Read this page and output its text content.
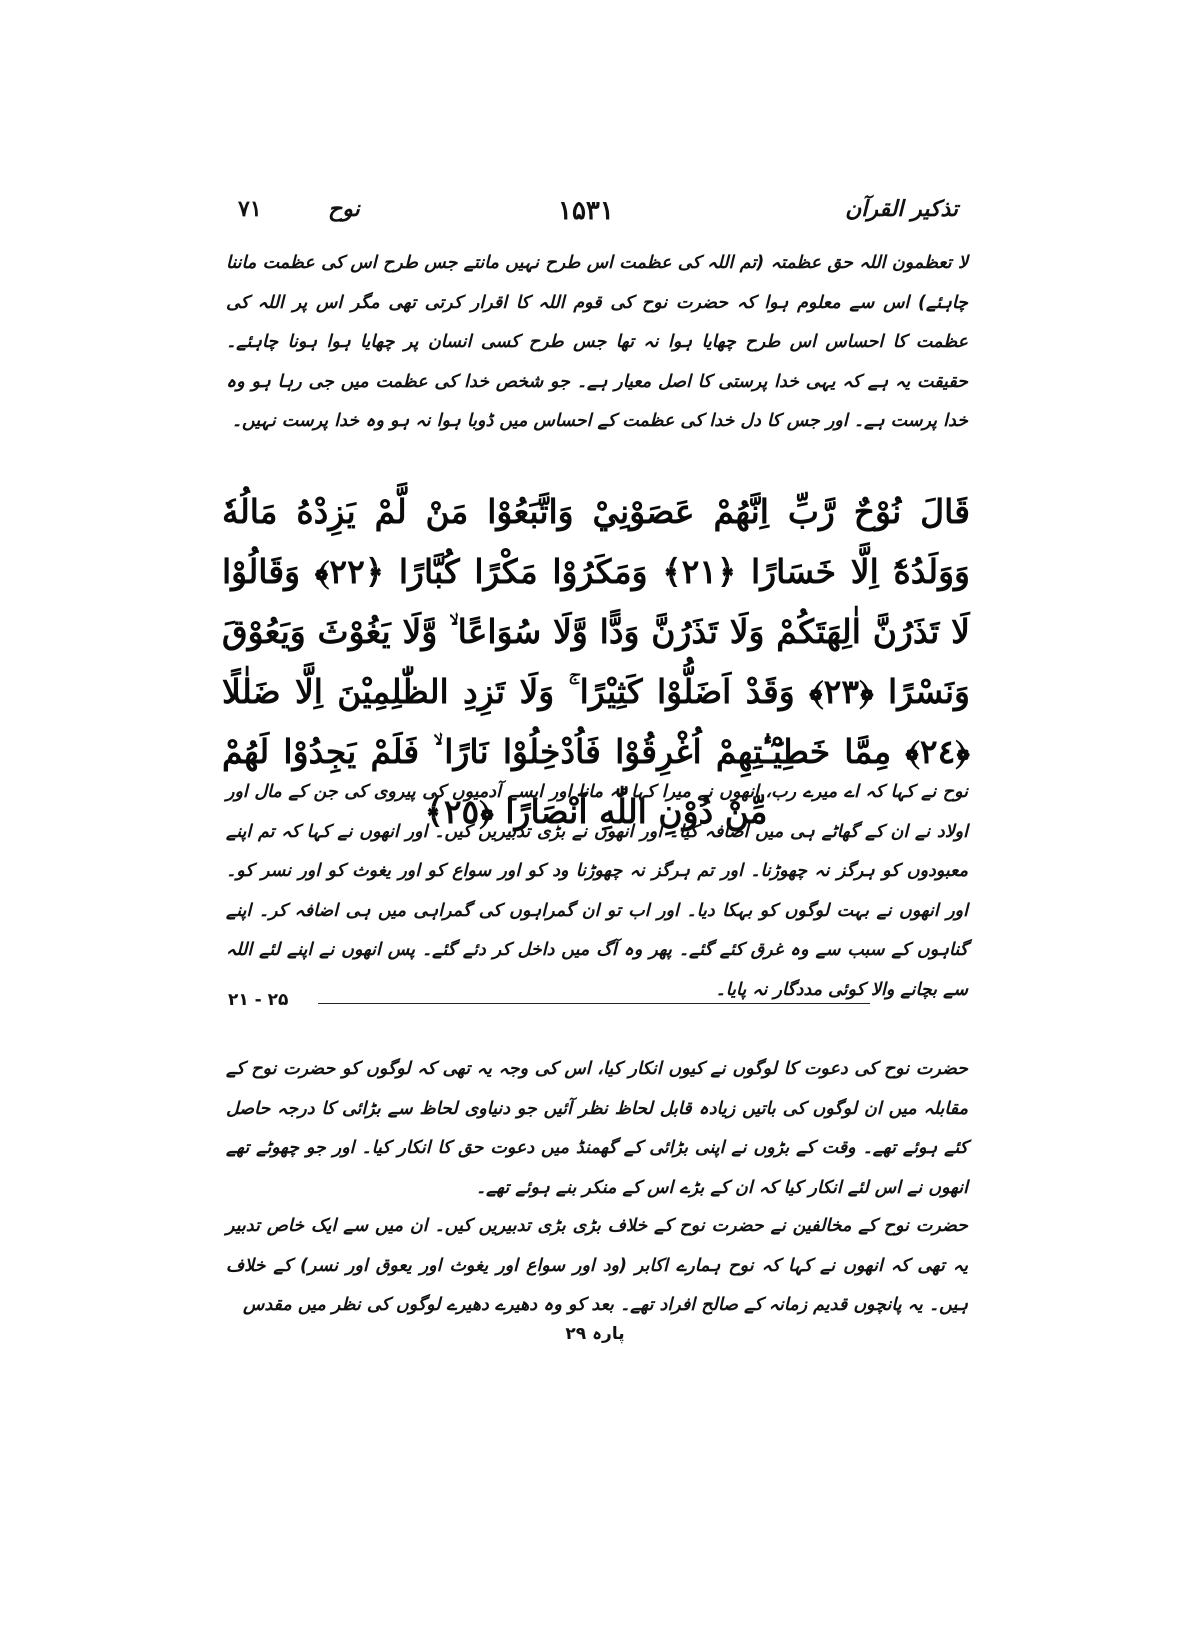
تذکیر القرآن
۱۵۳۱
نوح
۷۱

لا تعظمون اللہ حق عظمتہ (تم اللہ کی عظمت اس طرح نہیں مانتے جس طرح اس کی عظمت ماننا چاہئے) اس سے معلوم ہوا کہ حضرت نوح کی قوم اللہ کا اقرار کرتی تھی مگر اس پر اللہ کی عظمت کا احساس اس طرح چھایا ہوا نہ تھا جس طرح کسی انسان پر چھایا ہوا ہونا چاہئے۔ حقیقت یہ ہے کہ یہی خدا پرستی کا اصل معیار ہے۔ جو شخص خدا کی عظمت میں جی رہا ہو وہ خدا پرست ہے۔ اور جس کا دل خدا کی عظمت کے احساس میں ڈوبا ہوا نہ ہو وہ خدا پرست نہیں۔

قَالَ نُوْحٌ رَّبِّ اِنَّهُمْ عَصَوْنِيْ وَاتَّبَعُوْا مَنْ لَّمْ يَزِدْهُ مَالُهٗ وَوَلَدُهٗٓ اِلَّا خَسَارًا ﴿٢١﴾ وَمَكَرُوْا مَكْرًا كُبَّارًا ﴿٢٢﴾ وَقَالُوْا لَا تَذَرُنَّ اٰلِهَتَكُمْ وَلَا تَذَرُنَّ وَدًّا وَّلَا سُوَاعًا ۙ وَّلَا يَغُوْثَ وَيَعُوْقَ وَنَسْرًا ﴿٢٣﴾ وَقَدْ اَضَلُّوْا كَثِيْرًا ۚ وَلَا تَزِدِ الظّٰلِمِيْنَ اِلَّا ضَلٰلًا ﴿٢٤﴾ مِمَّا خَطِيْٓـٰٔتِهِمْ اُغْرِقُوْا فَاُدْخِلُوْا نَارًا ۙ فَلَمْ يَجِدُوْا لَهُمْ مِّنْ دُوْنِ اللّٰهِ اَنْصَارًا ﴿٢٥﴾

نوح نے کہا کہ اے میرے رب، انھوں نے میرا کہا نہ مانا اور ایسے آدمیوں کی پیروی کی جن کے مال اور اولاد نے ان کے گھاٹے ہی میں اضافہ کیا۔ اور انھوں نے بڑی تدبیریں کیں۔ اور انھوں نے کہا کہ تم اپنے معبودوں کو ہرگز نہ چھوڑنا۔ اور تم ہرگز نہ چھوڑنا ود کو اور سواع کو اور یغوث کو اور نسر کو۔ اور انھوں نے بہت لوگوں کو بہکا دیا۔ اور اب تو ان گمراہوں کی گمراہی میں ہی اضافہ کر۔ اپنے گناہوں کے سبب سے وہ غرق کئے گئے۔ پھر وہ آگ میں داخل کر دئے گئے۔ پس انھوں نے اپنے لئے اللہ سے بچانے والا کوئی مددگار نہ پایا۔

۲۱ - ۲۵

حضرت نوح کی دعوت کا لوگوں نے کیوں انکار کیا، اس کی وجہ یہ تھی کہ لوگوں کو حضرت نوح کے مقابلہ میں ان لوگوں کی باتیں زیادہ قابل لحاظ نظر آئیں جو دنیاوی لحاظ سے بڑائی کا درجہ حاصل کئے ہوئے تھے۔ وقت کے بڑوں نے اپنی بڑائی کے گھمنڈ میں دعوت حق کا انکار کیا۔ اور جو چھوٹے تھے انھوں نے اس لئے انکار کیا کہ ان کے بڑے اس کے منکر بنے ہوئے تھے۔

حضرت نوح کے مخالفین نے حضرت نوح کے خلاف بڑی بڑی تدبیریں کیں۔ ان میں سے ایک خاص تدبیر یہ تھی کہ انھوں نے کہا کہ نوح ہمارے اکابر (ود اور سواع اور یغوث اور یعوق اور نسر) کے خلاف ہیں۔ یہ پانچوں قدیم زمانہ کے صالح افراد تھے۔ بعد کو وہ دھیرے دھیرے لوگوں کی نظر میں مقدس

پارہ ۲۹
